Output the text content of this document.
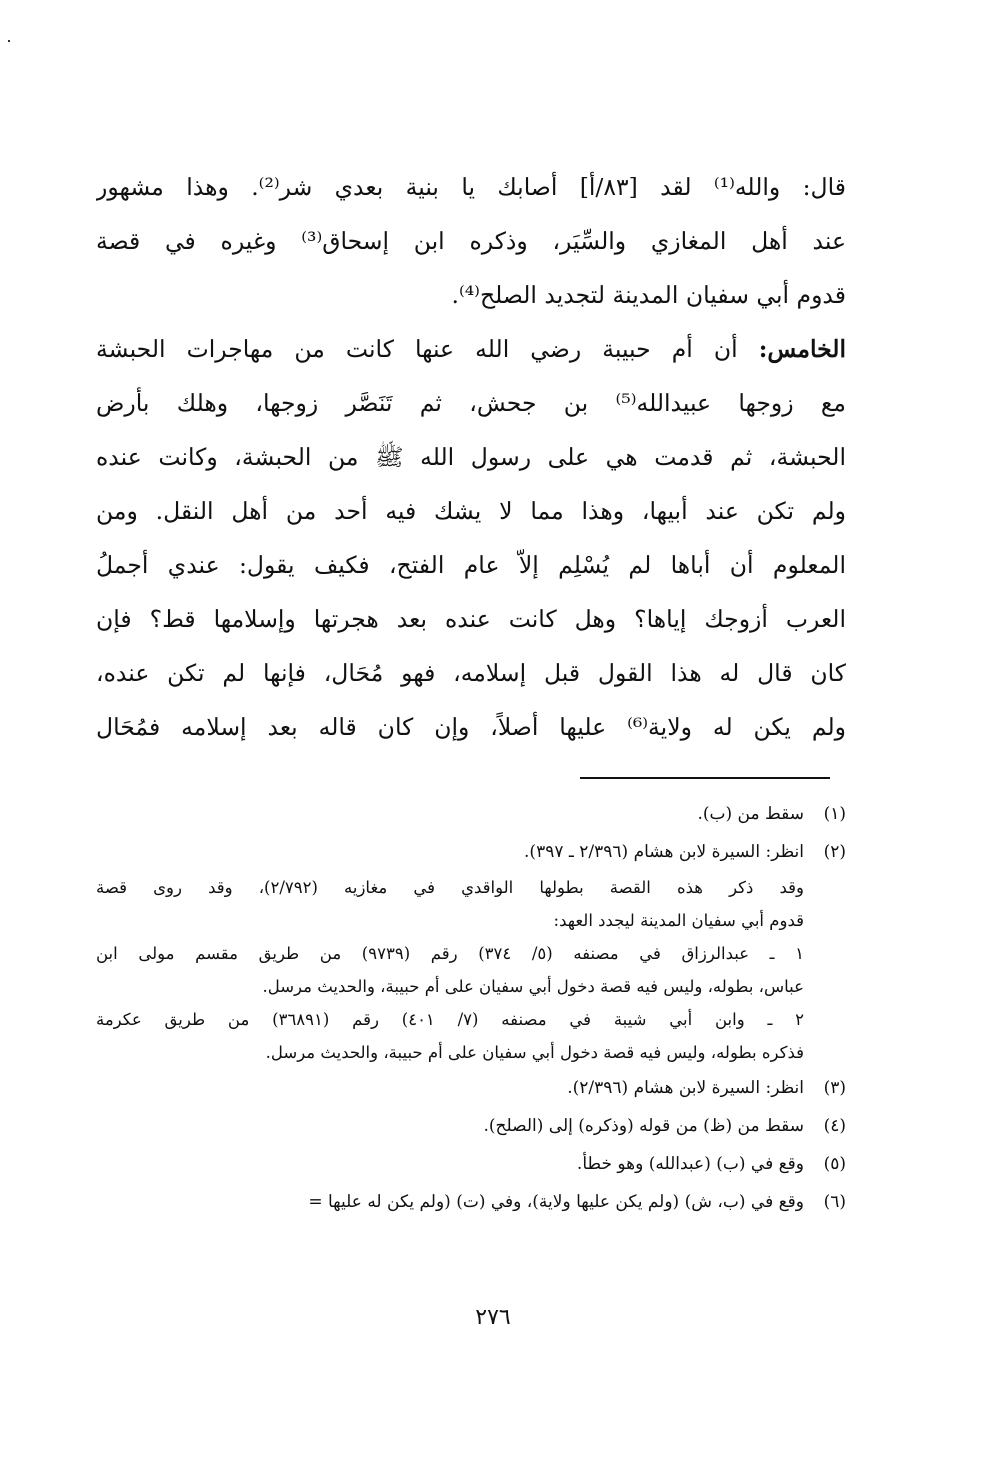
قال: والله⁽¹⁾ لقد [٨٣/أ] أصابك يا بنية بعدي شر⁽²⁾. وهذا مشهور
عند أهل المغازي والسِّيَر، وذكره ابن إسحاق⁽³⁾ وغيره في قصة
قدوم أبي سفيان المدينة لتجديد الصلح⁽⁴⁾.
الخامس: أن أم حبيبة رضي الله عنها كانت من مهاجرات الحبشة
مع زوجها عبيدالله⁽⁵⁾ بن جحش، ثم تَنَصَّر زوجها، وهلك بأرض
الحبشة، ثم قدمت هي على رسول الله ﷺ من الحبشة، وكانت عنده
ولم تكن عند أبيها، وهذا مما لا يشك فيه أحد من أهل النقل. ومن
المعلوم أن أباها لم يُسْلِم إلاّ عام الفتح، فكيف يقول: عندي أجملُ
العرب أزوجك إياها؟ وهل كانت عنده بعد هجرتها وإسلامها قط؟ فإن
كان قال له هذا القول قبل إسلامه، فهو مُحَال، فإنها لم تكن عنده،
ولم يكن له ولاية⁽⁶⁾ عليها أصلاً، وإن كان قاله بعد إسلامه فمُحَال
(١)
سقط من (ب).
(٢)
انظر: السيرة لابن هشام (٢/٣٩٦ ـ ٣٩٧).
وقد ذكر هذه القصة بطولها الواقدي في مغازيه (٢/٧٩٢)، وقد روى قصة
قدوم أبي سفيان المدينة ليجدد العهد:
١ ـ عبدالرزاق في مصنفه (٥/ ٣٧٤) رقم (٩٧٣٩) من طريق مقسم مولى ابن
عباس، بطوله، وليس فيه قصة دخول أبي سفيان على أم حبيبة، والحديث مرسل.
٢ ـ وابن أبي شيبة في مصنفه (٧/ ٤٠١) رقم (٣٦٨٩١) من طريق عكرمة
فذكره بطوله، وليس فيه قصة دخول أبي سفيان على أم حبيبة، والحديث مرسل.
(٣)
انظر: السيرة لابن هشام (٢/٣٩٦).
(٤)
سقط من (ظ) من قوله (وذكره) إلى (الصلح).
(٥)
وقع في (ب) (عبدالله) وهو خطأ.
(٦)
وقع في (ب، ش) (ولم يكن عليها ولاية)، وفي (ت) (ولم يكن له عليها =
٢٧٦
